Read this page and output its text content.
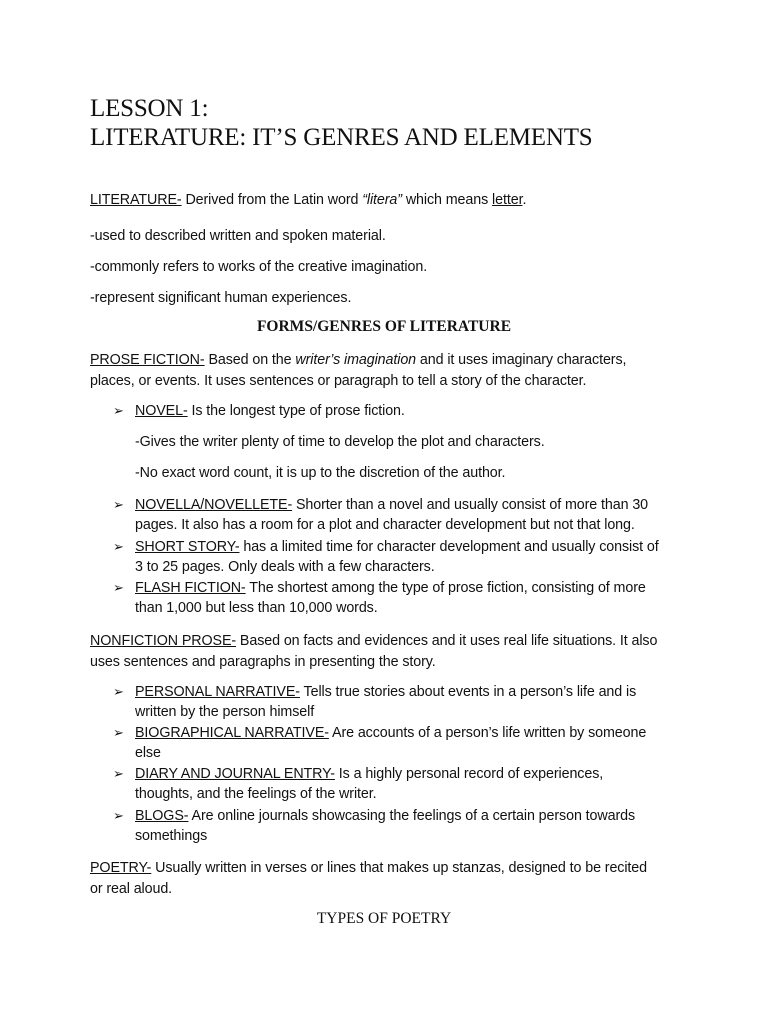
LESSON 1:
LITERATURE: IT’S GENRES AND ELEMENTS
LITERATURE- Derived from the Latin word “litera” which means letter.
-used to described written and spoken material.
-commonly refers to works of the creative imagination.
-represent significant human experiences.
FORMS/GENRES OF LITERATURE
PROSE FICTION- Based on the writer’s imagination and it uses imaginary characters,
places, or events. It uses sentences or paragraph to tell a story of the character.
➢ NOVEL- Is the longest type of prose fiction.
-Gives the writer plenty of time to develop the plot and characters.
-No exact word count, it is up to the discretion of the author.
➢ NOVELLA/NOVELLETE- Shorter than a novel and usually consist of more than 30
pages. It also has a room for a plot and character development but not that long.
➢ SHORT STORY- has a limited time for character development and usually consist of
3 to 25 pages. Only deals with a few characters.
➢ FLASH FICTION- The shortest among the type of prose fiction, consisting of more
than 1,000 but less than 10,000 words.
NONFICTION PROSE- Based on facts and evidences and it uses real life situations. It also
uses sentences and paragraphs in presenting the story.
➢ PERSONAL NARRATIVE- Tells true stories about events in a person’s life and is
written by the person himself
➢ BIOGRAPHICAL NARRATIVE- Are accounts of a person’s life written by someone
else
➢ DIARY AND JOURNAL ENTRY- Is a highly personal record of experiences,
thoughts, and the feelings of the writer.
➢ BLOGS- Are online journals showcasing the feelings of a certain person towards
somethings
POETRY- Usually written in verses or lines that makes up stanzas, designed to be recited
or real aloud.
TYPES OF POETRY
